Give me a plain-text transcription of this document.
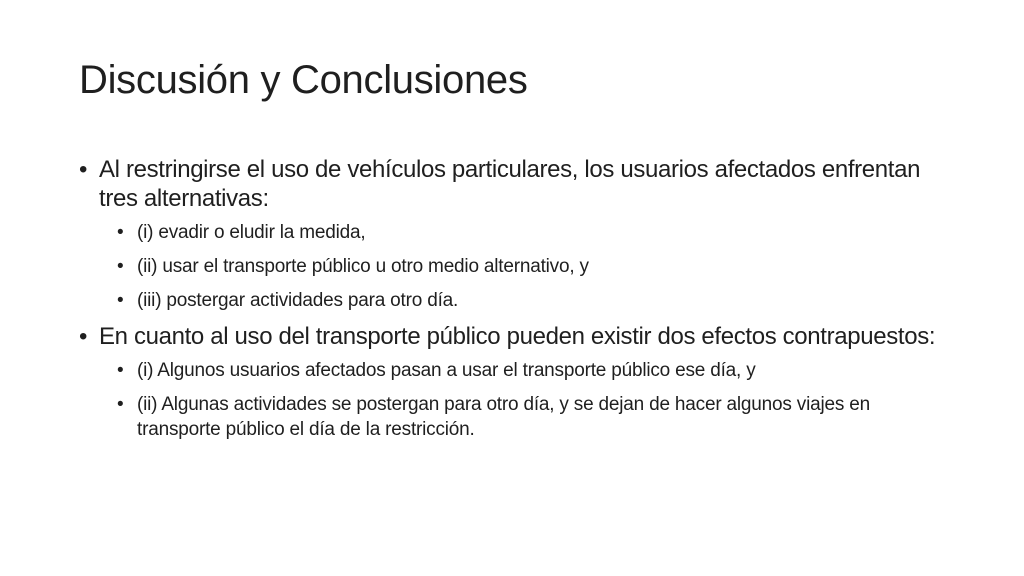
Discusión y Conclusiones
• Al restringirse el uso de vehículos particulares, los usuarios afectados enfrentan tres alternativas:
• (i) evadir o eludir la medida,
• (ii) usar el transporte público u otro medio alternativo, y
• (iii) postergar actividades para otro día.
• En cuanto al uso del transporte público pueden existir dos efectos contrapuestos:
• (i) Algunos usuarios afectados pasan a usar el transporte público ese día, y
• (ii) Algunas actividades se postergan para otro día, y se dejan de hacer algunos viajes en transporte público el día de la restricción.
